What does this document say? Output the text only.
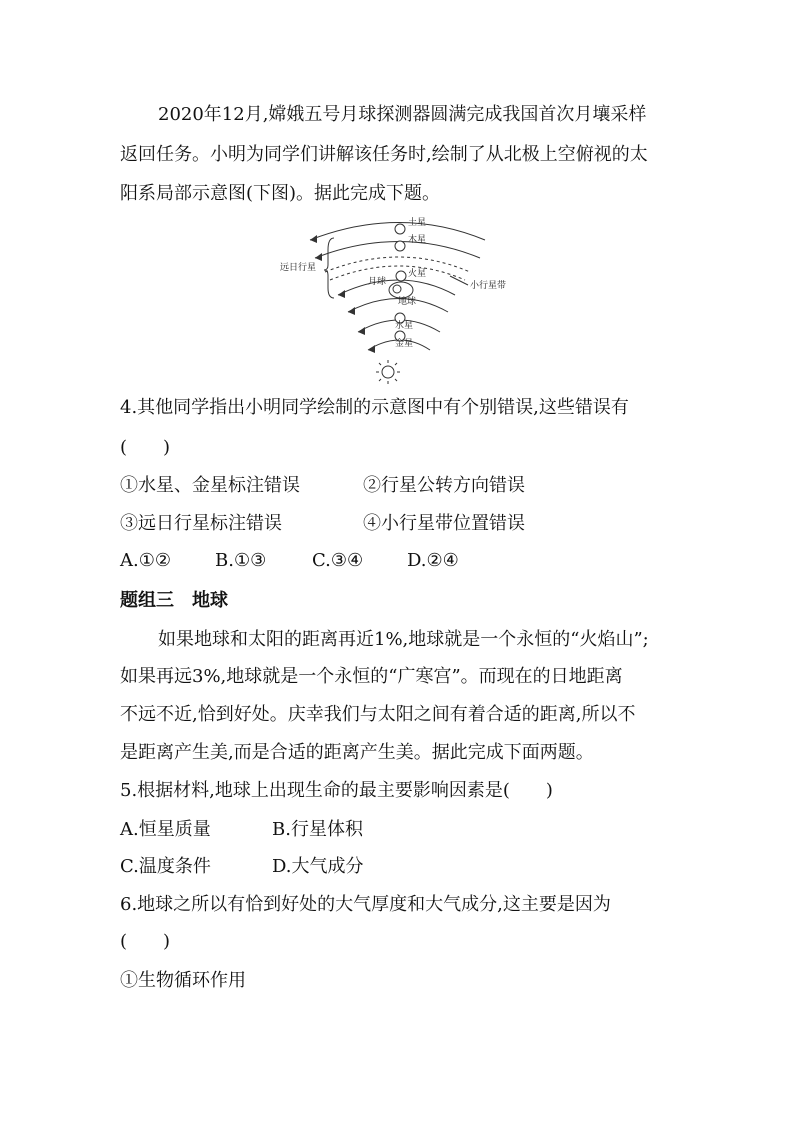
2020年12月,嫦娥五号月球探测器圆满完成我国首次月壤采样
返回任务。小明为同学们讲解该任务时,绘制了从北极上空俯视的太
阳系局部示意图(下图)。据此完成下题。
土星
木星
火星
月球
地球
水星
金星
远日行星
小行星带
4.其他同学指出小明同学绘制的示意图中有个别错误,这些错误有
(　　)
①水星、金星标注错误	②行星公转方向错误
③远日行星标注错误	④小行星带位置错误
A.①② B.①③	C.③④ D.②④
题组三　地球
如果地球和太阳的距离再近1%,地球就是一个永恒的“火焰山”;
如果再远3%,地球就是一个永恒的“广寒宫”。而现在的日地距离
不远不近,恰到好处。庆幸我们与太阳之间有着合适的距离,所以不
是距离产生美,而是合适的距离产生美。据此完成下面两题。
5.根据材料,地球上出现生命的最主要影响因素是(　　)
A.恒星质量	B.行星体积
C.温度条件	D.大气成分
6.地球之所以有恰到好处的大气厚度和大气成分,这主要是因为
(　　)
①生物循环作用
